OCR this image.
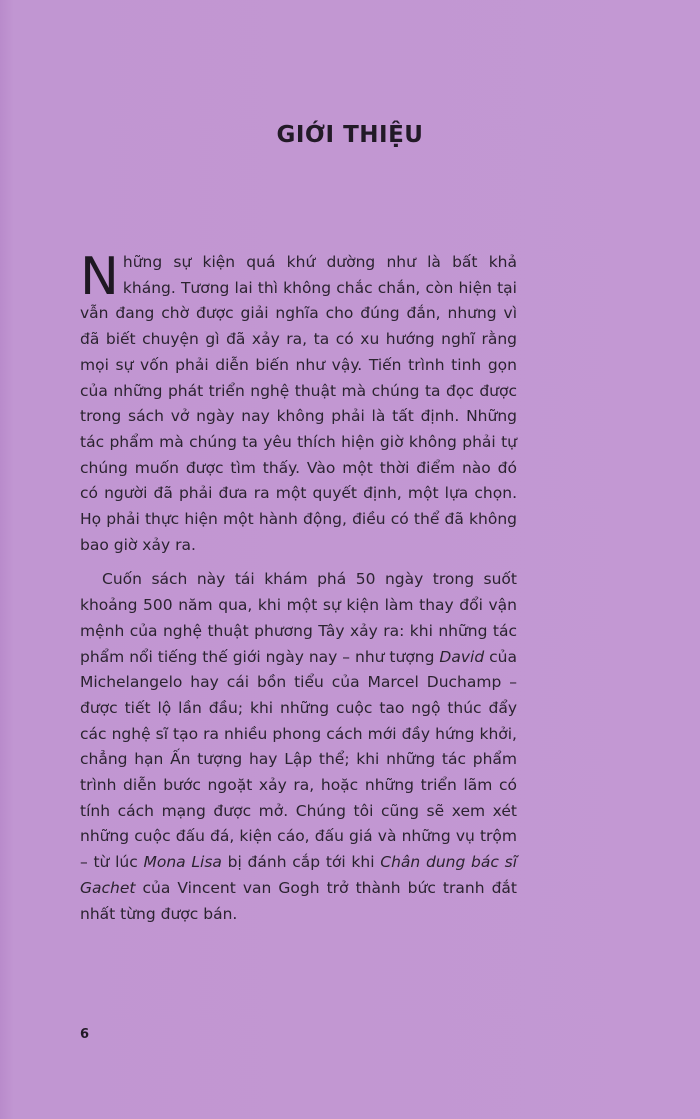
GIỚI THIỆU

Những sự kiện quá khứ dường như là bất khả kháng. Tương lai thì không chắc chắn, còn hiện tại vẫn đang chờ được giải nghĩa cho đúng đắn, nhưng vì đã biết chuyện gì đã xảy ra, ta có xu hướng nghĩ rằng mọi sự vốn phải diễn biến như vậy. Tiến trình tinh gọn của những phát triển nghệ thuật mà chúng ta đọc được trong sách vở ngày nay không phải là tất định. Những tác phẩm mà chúng ta yêu thích hiện giờ không phải tự chúng muốn được tìm thấy. Vào một thời điểm nào đó có người đã phải đưa ra một quyết định, một lựa chọn. Họ phải thực hiện một hành động, điều có thể đã không bao giờ xảy ra.

Cuốn sách này tái khám phá 50 ngày trong suốt khoảng 500 năm qua, khi một sự kiện làm thay đổi vận mệnh của nghệ thuật phương Tây xảy ra: khi những tác phẩm nổi tiếng thế giới ngày nay – như tượng David của Michelangelo hay cái bồn tiểu của Marcel Duchamp – được tiết lộ lần đầu; khi những cuộc tao ngộ thúc đẩy các nghệ sĩ tạo ra nhiều phong cách mới đầy hứng khởi, chẳng hạn Ấn tượng hay Lập thể; khi những tác phẩm trình diễn bước ngoặt xảy ra, hoặc những triển lãm có tính cách mạng được mở. Chúng tôi cũng sẽ xem xét những cuộc đấu đá, kiện cáo, đấu giá và những vụ trộm – từ lúc Mona Lisa bị đánh cắp tới khi Chân dung bác sĩ Gachet của Vincent van Gogh trở thành bức tranh đắt nhất từng được bán.

6
